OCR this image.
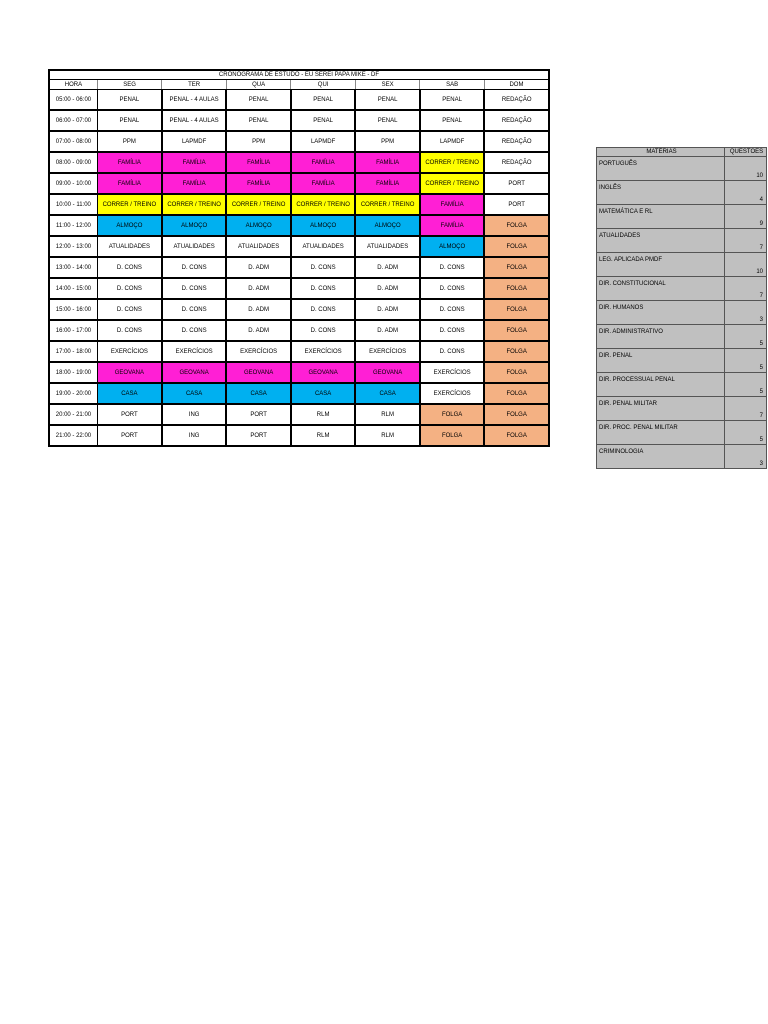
CRONOGRAMA DE ESTUDO - EU SEREI PAPA MIKE - DF							
HORA	SEG	TER	QUA	QUI	SEX	SAB	DOM
05:00 - 06:00	PENAL	PENAL - 4 AULAS	PENAL	PENAL	PENAL	PENAL	REDAÇÃO
06:00 - 07:00	PENAL	PENAL - 4 AULAS	PENAL	PENAL	PENAL	PENAL	REDAÇÃO
07:00 - 08:00	PPM	LAPMDF	PPM	LAPMDF	PPM	LAPMDF	REDAÇÃO
08:00 - 09:00	FAMÍLIA	FAMÍLIA	FAMÍLIA	FAMÍLIA	FAMÍLIA	CORRER / TREINO	REDAÇÃO
09:00 - 10:00	FAMÍLIA	FAMÍLIA	FAMÍLIA	FAMÍLIA	FAMÍLIA	CORRER / TREINO	PORT
10:00 - 11:00	CORRER / TREINO	CORRER / TREINO	CORRER / TREINO	CORRER / TREINO	CORRER / TREINO	FAMÍLIA	PORT
11:00 - 12:00	ALMOÇO	ALMOÇO	ALMOÇO	ALMOÇO	ALMOÇO	FAMÍLIA	FOLGA
12:00 - 13:00	ATUALIDADES	ATUALIDADES	ATUALIDADES	ATUALIDADES	ATUALIDADES	ALMOÇO	FOLGA
13:00 - 14:00	D. CONS	D. CONS	D. ADM	D. CONS	D. ADM	D. CONS	FOLGA
14:00 - 15:00	D. CONS	D. CONS	D. ADM	D. CONS	D. ADM	D. CONS	FOLGA
15:00 - 16:00	D. CONS	D. CONS	D. ADM	D. CONS	D. ADM	D. CONS	FOLGA
16:00 - 17:00	D. CONS	D. CONS	D. ADM	D. CONS	D. ADM	D. CONS	FOLGA
17:00 - 18:00	EXERCÍCIOS	EXERCÍCIOS	EXERCÍCIOS	EXERCÍCIOS	EXERCÍCIOS	D. CONS	FOLGA
18:00 - 19:00	GEOVANA	GEOVANA	GEOVANA	GEOVANA	GEOVANA	EXERCÍCIOS	FOLGA
19:00 - 20:00	CASA	CASA	CASA	CASA	CASA	EXERCÍCIOS	FOLGA
20:00 - 21:00	PORT	ING	PORT	RLM	RLM	FOLGA	FOLGA
21:00 - 22:00	PORT	ING	PORT	RLM	RLM	FOLGA	FOLGA
MATÉRIAS	QUESTÕES
PORTUGUÊS	10
INGLÊS	4
MATEMÁTICA E RL	9
ATUALIDADES	7
LEG. APLICADA PMDF	10
DIR. CONSTITUCIONAL	7
DIR. HUMANOS	3
DIR. ADMINISTRATIVO	5
DIR. PENAL	5
DIR. PROCESSUAL PENAL	5
DIR. PENAL MILITAR	7
DIR. PROC. PENAL MILITAR	5
CRIMINOLOGIA	3
